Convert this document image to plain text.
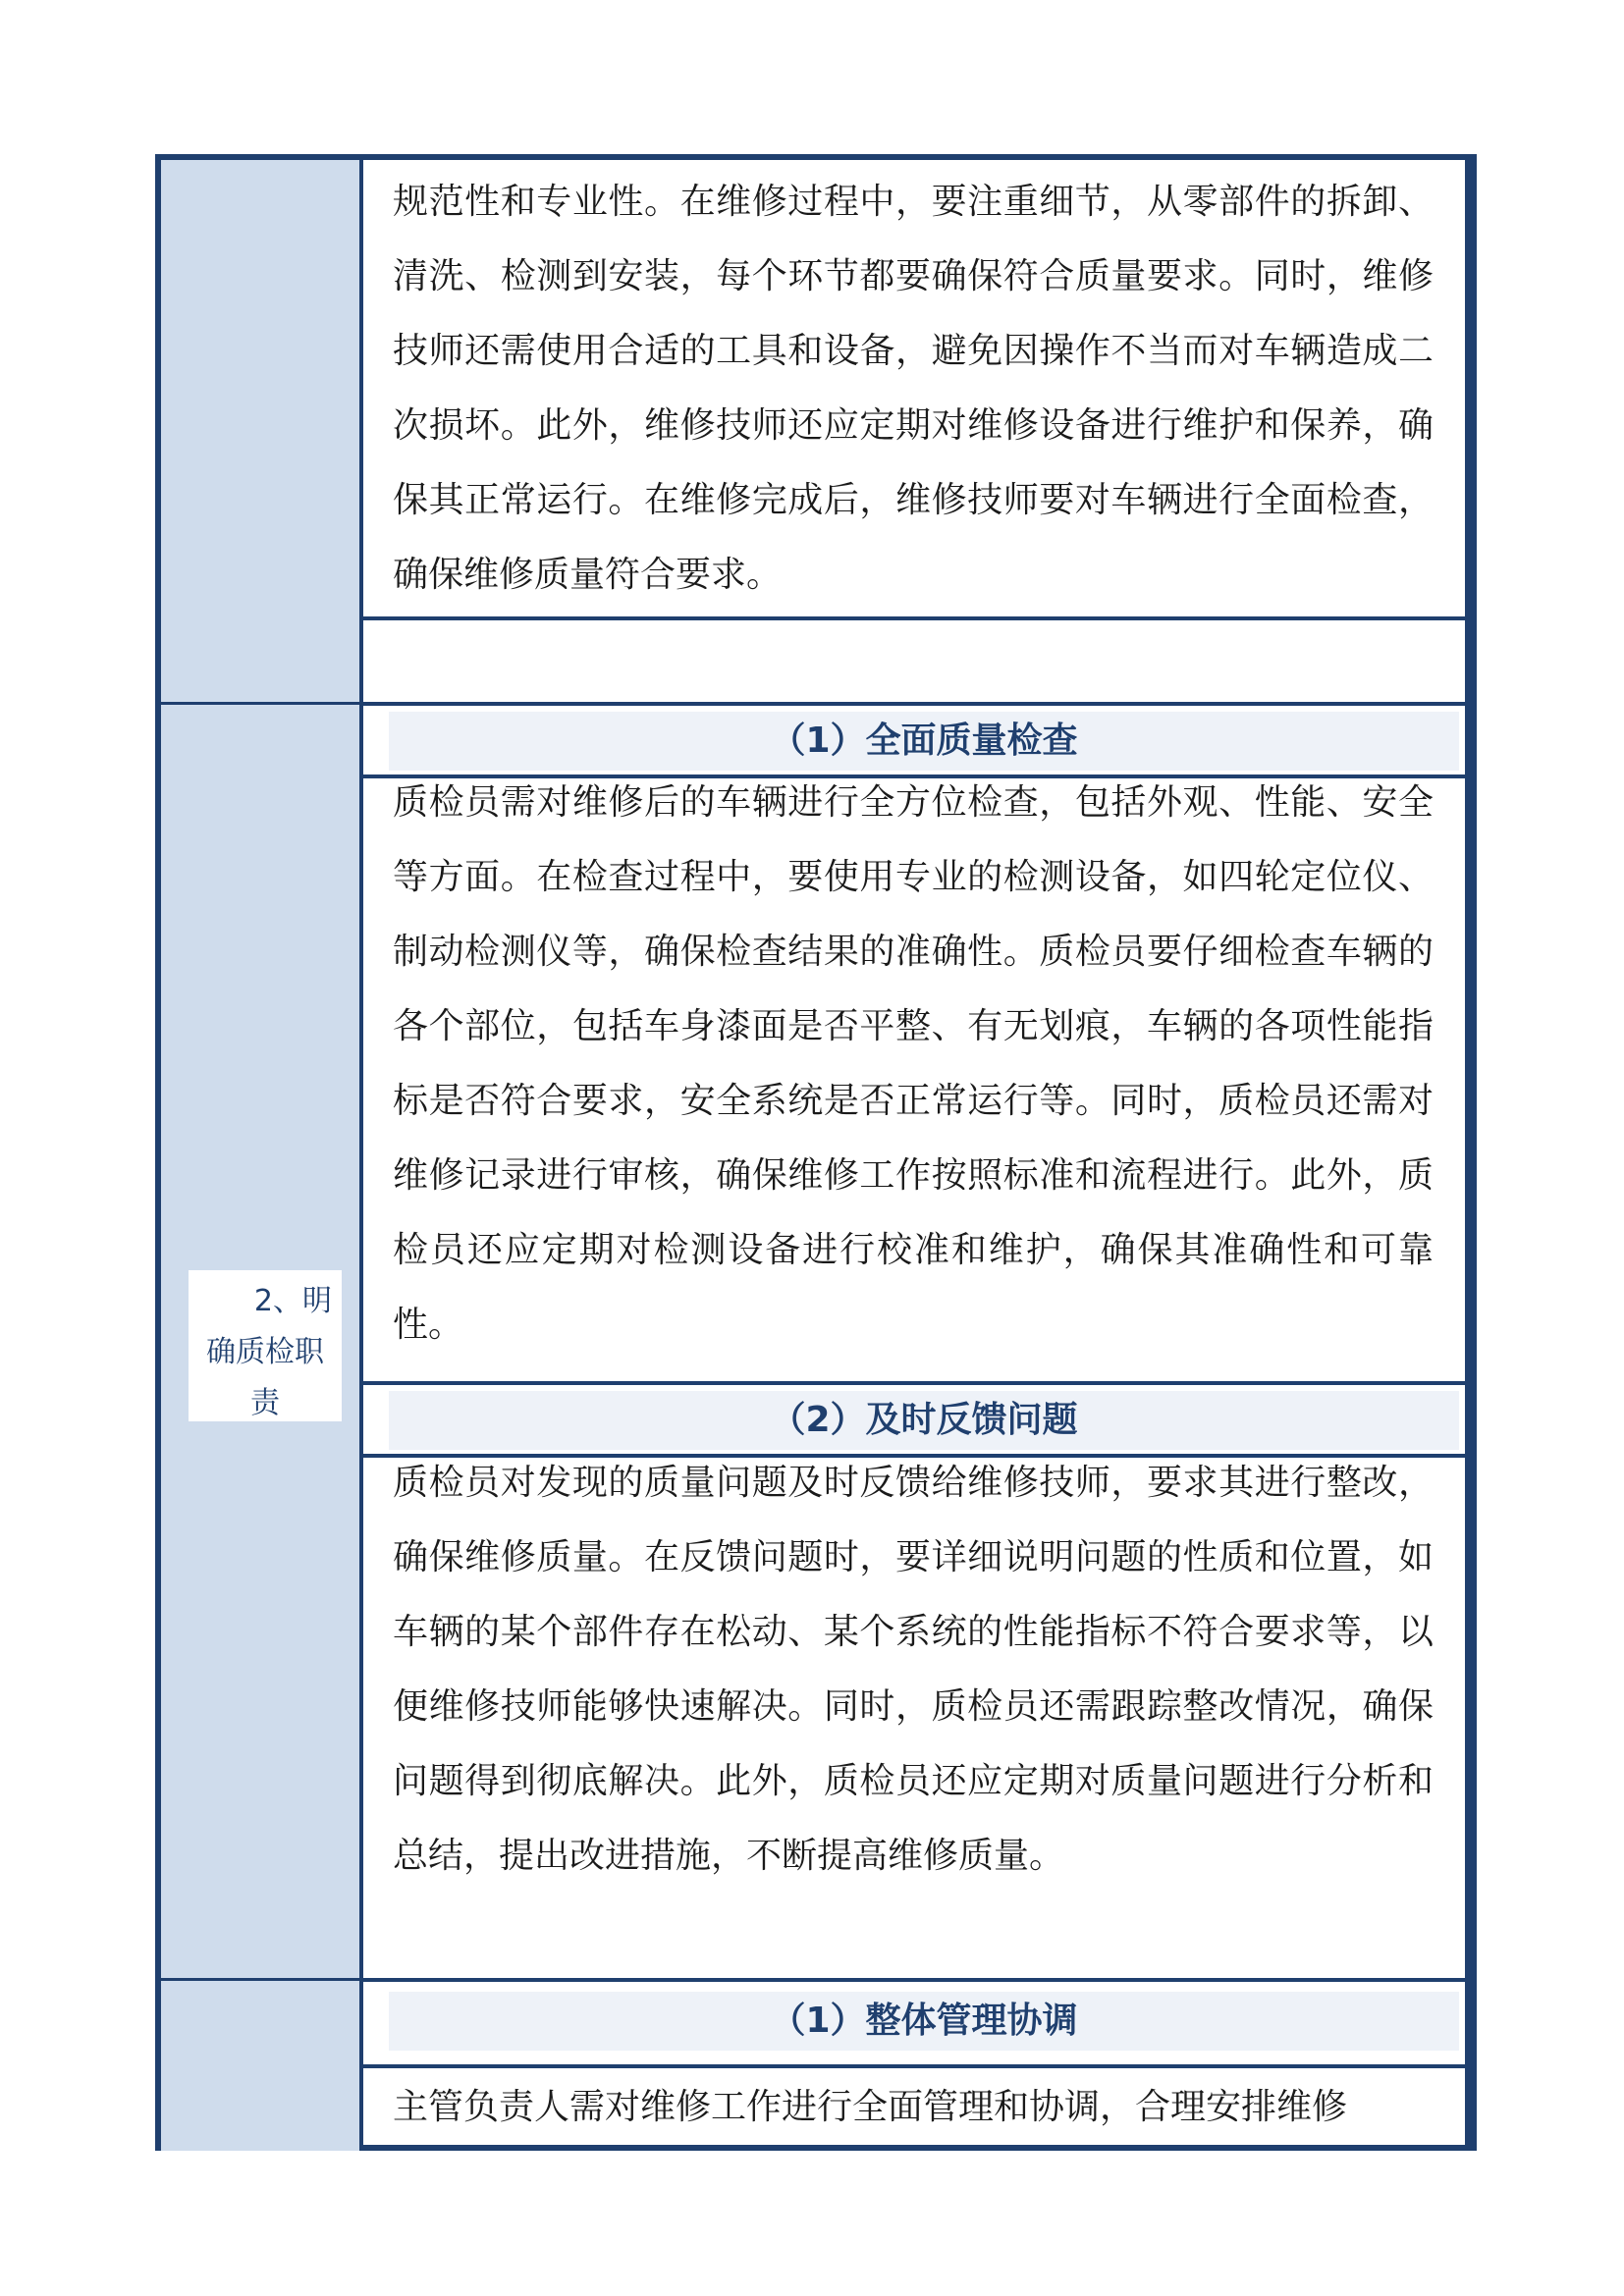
2、明
确质检职
责

规范性和专业性。在维修过程中，要注重细节，从零部件的拆卸、清洗、检测到安装，每个环节都要确保符合质量要求。同时，维修技师还需使用合适的工具和设备，避免因操作不当而对车辆造成二次损坏。此外，维修技师还应定期对维修设备进行维护和保养，确保其正常运行。在维修完成后，维修技师要对车辆进行全面检查，确保维修质量符合要求。

（1）全面质量检查

质检员需对维修后的车辆进行全方位检查，包括外观、性能、安全等方面。在检查过程中，要使用专业的检测设备，如四轮定位仪、制动检测仪等，确保检查结果的准确性。质检员要仔细检查车辆的各个部位，包括车身漆面是否平整、有无划痕，车辆的各项性能指标是否符合要求，安全系统是否正常运行等。同时，质检员还需对维修记录进行审核，确保维修工作按照标准和流程进行。此外，质检员还应定期对检测设备进行校准和维护，确保其准确性和可靠性。

（2）及时反馈问题

质检员对发现的质量问题及时反馈给维修技师，要求其进行整改，确保维修质量。在反馈问题时，要详细说明问题的性质和位置，如车辆的某个部件存在松动、某个系统的性能指标不符合要求等，以便维修技师能够快速解决。同时，质检员还需跟踪整改情况，确保问题得到彻底解决。此外，质检员还应定期对质量问题进行分析和总结，提出改进措施，不断提高维修质量。

（1）整体管理协调

主管负责人需对维修工作进行全面管理和协调，合理安排维修
